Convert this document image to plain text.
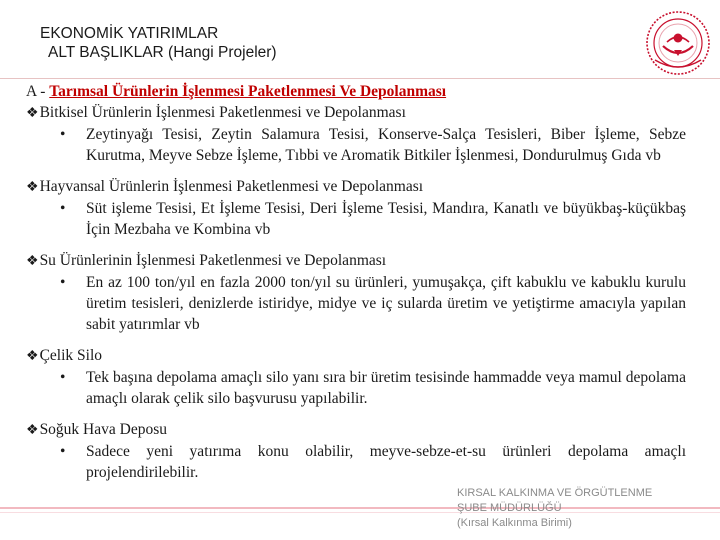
EKONOMİK YATIRIMLAR
ALT BAŞLIKLAR (Hangi Projeler)
A - Tarımsal Ürünlerin İşlenmesi Paketlenmesi Ve Depolanması
❖Bitkisel Ürünlerin İşlenmesi Paketlenmesi ve Depolanması
• Zeytinyağı Tesisi, Zeytin Salamura Tesisi, Konserve-Salça Tesisleri, Biber İşleme, Sebze Kurutma, Meyve Sebze İşleme, Tıbbi ve Aromatik Bitkiler İşlenmesi, Dondurulmuş Gıda vb
❖Hayvansal Ürünlerin İşlenmesi Paketlenmesi ve Depolanması
• Süt işleme Tesisi, Et İşleme Tesisi, Deri İşleme Tesisi, Mandıra, Kanatlı ve büyükbaş-küçükbaş İçin Mezbaha ve Kombina vb
❖Su Ürünlerinin İşlenmesi Paketlenmesi ve Depolanması
• En az 100 ton/yıl en fazla 2000 ton/yıl su ürünleri, yumuşakça, çift kabuklu ve kabuklu kurulu üretim tesisleri, denizlerde istiridye, midye ve iç sularda üretim ve yetiştirme amacıyla yapılan sabit yatırımlar vb
❖Çelik Silo
• Tek başına depolama amaçlı silo yanı sıra bir üretim tesisinde hammadde veya mamul depolama amaçlı olarak çelik silo başvurusu yapılabilir.
❖Soğuk Hava Deposu
• Sadece yeni yatırıma konu olabilir, meyve-sebze-et-su ürünleri depolama amaçlı projelendirilebilir.
KIRSAL KALKINMA VE ÖRGÜTLENME
ŞUBE MÜDÜRLÜĞÜ
(Kırsal Kalkınma Birimi)
